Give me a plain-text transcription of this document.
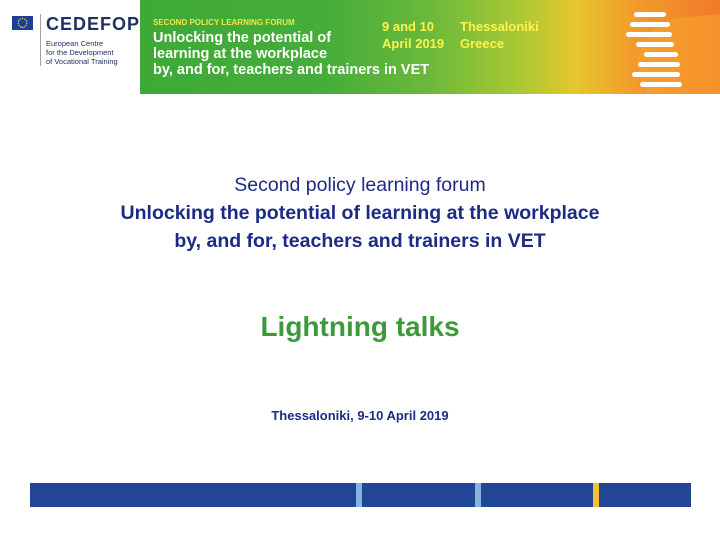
CEDEFOP
European Centre
for the Development
of Vocational Training
SECOND POLICY LEARNING FORUM
Unlocking the potential of
learning at the workplace
by, and for, teachers and trainers in VET
9 and 10
April 2019
Thessaloniki
Greece
Second policy learning forum
Unlocking the potential of learning at the workplace
by, and for, teachers and trainers in VET
Lightning talks
Thessaloniki, 9-10 April 2019
